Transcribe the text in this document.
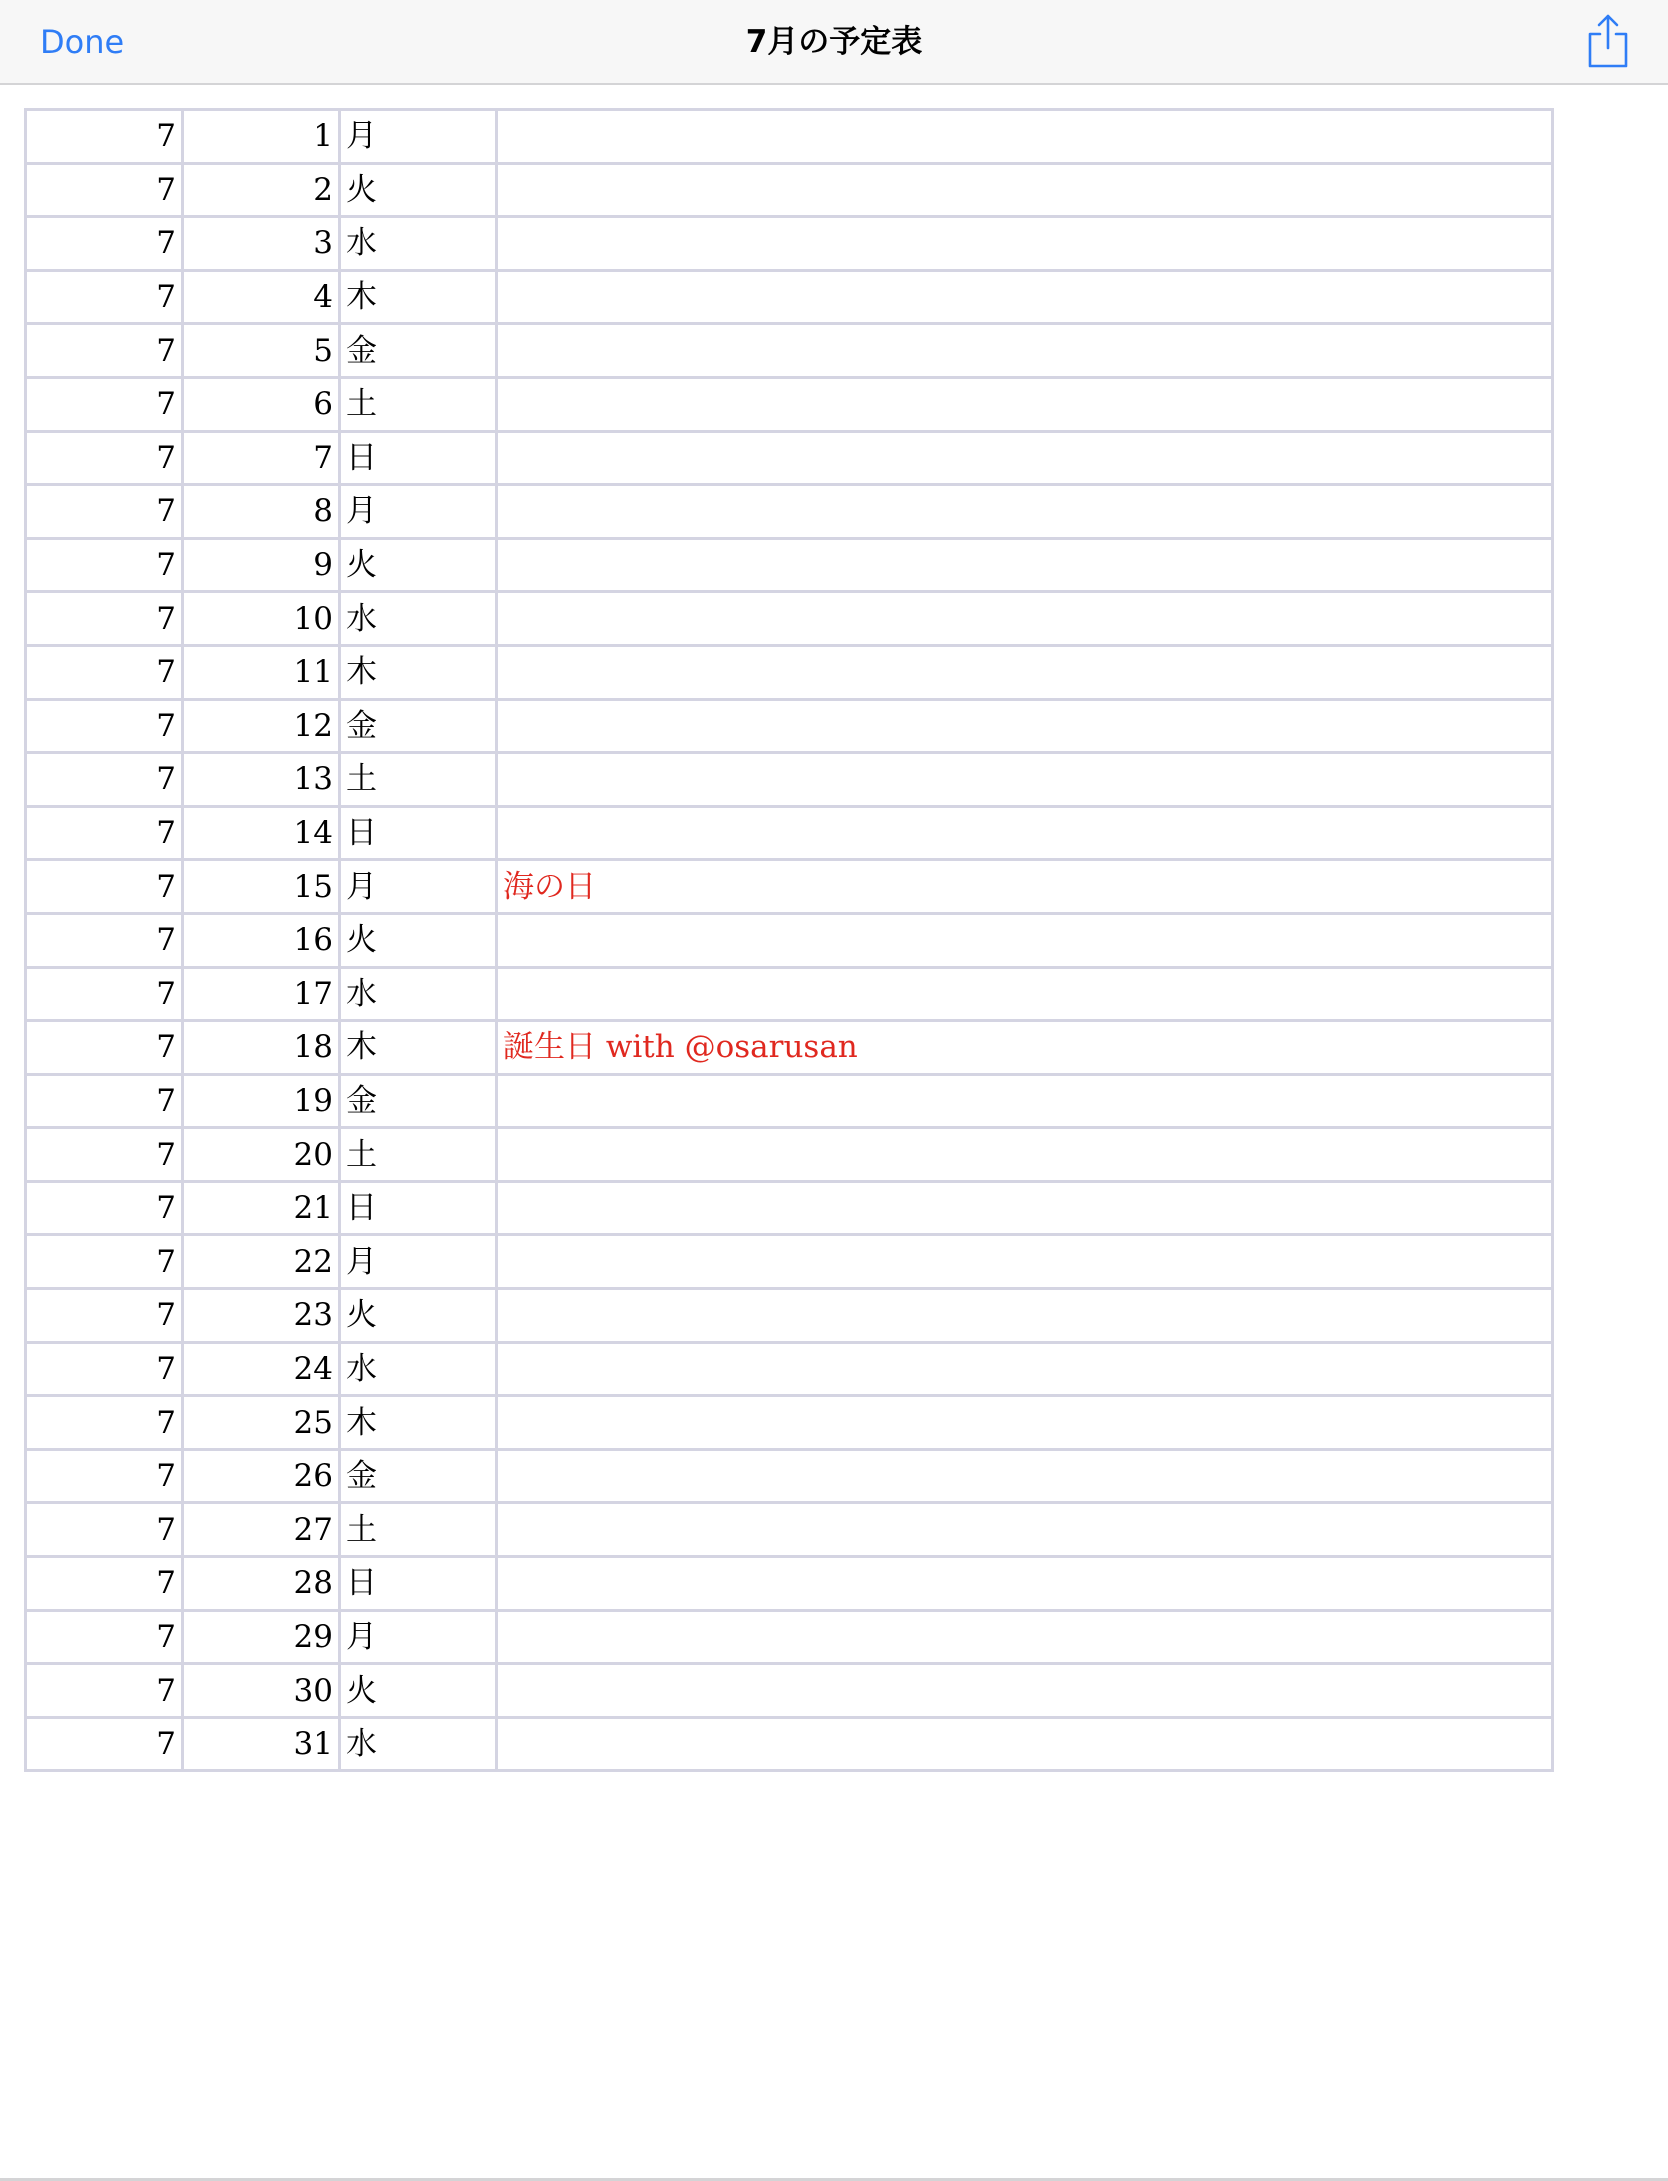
Done	7月の予定表
7	1	月	
7	2	火	
7	3	水	
7	4	木	
7	5	金	
7	6	土	
7	7	日	
7	8	月	
7	9	火	
7	10	水	
7	11	木	
7	12	金	
7	13	土	
7	14	日	
7	15	月	海の日
7	16	火	
7	17	水	
7	18	木	誕生日 with @osarusan
7	19	金	
7	20	土	
7	21	日	
7	22	月	
7	23	火	
7	24	水	
7	25	木	
7	26	金	
7	27	土	
7	28	日	
7	29	月	
7	30	火	
7	31	水	
